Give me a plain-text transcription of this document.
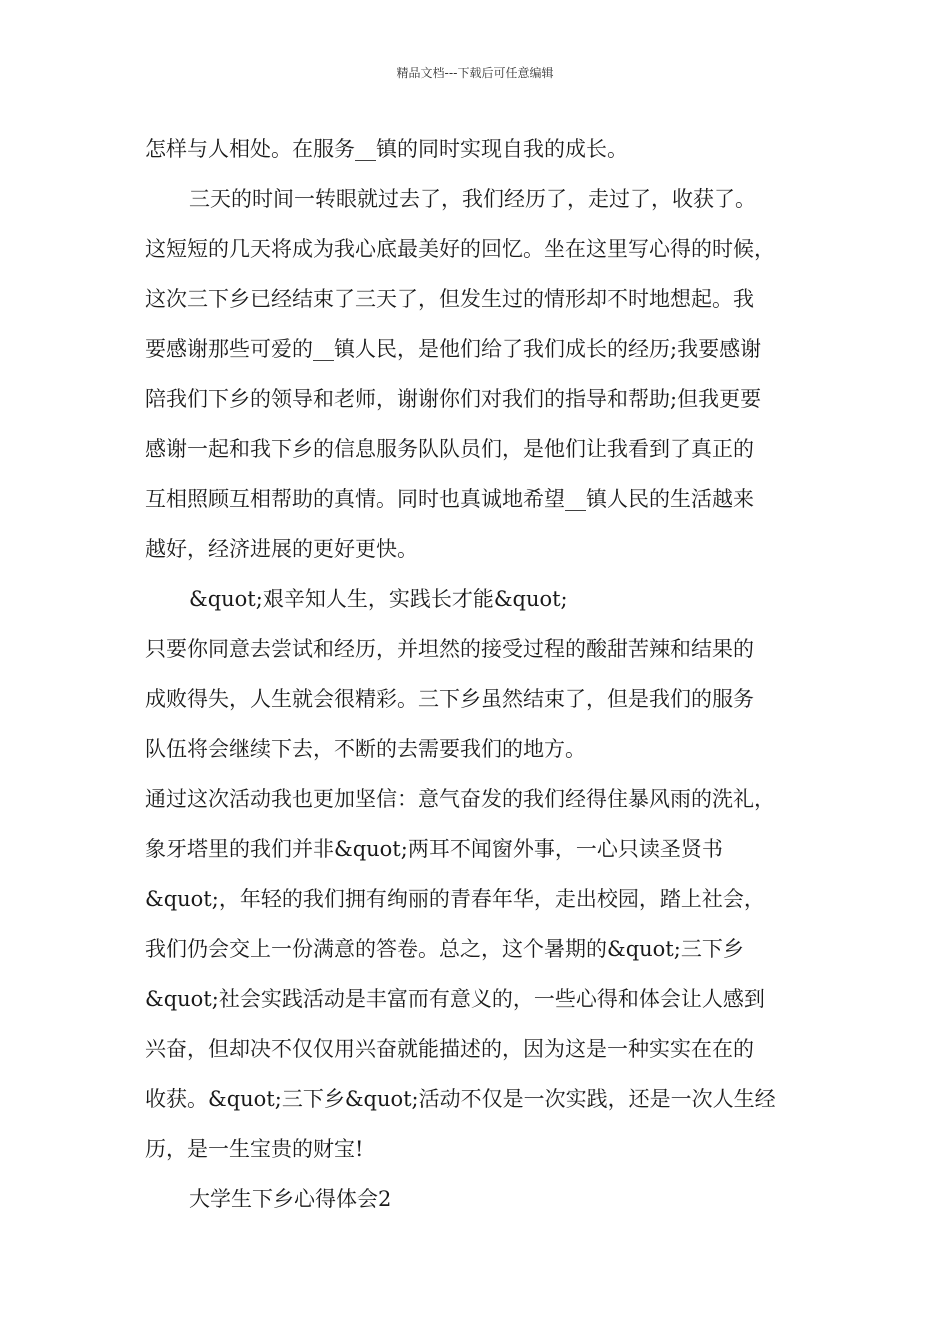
精品文档---下载后可任意编辑
怎样与人相处。在服务__镇的同时实现自我的成长。
三天的时间一转眼就过去了，我们经历了，走过了，收获了。
这短短的几天将成为我心底最美好的回忆。坐在这里写心得的时候，
这次三下乡已经结束了三天了，但发生过的情形却不时地想起。我
要感谢那些可爱的__镇人民，是他们给了我们成长的经历;我要感谢
陪我们下乡的领导和老师，谢谢你们对我们的指导和帮助;但我更要
感谢一起和我下乡的信息服务队队员们，是他们让我看到了真正的
互相照顾互相帮助的真情。同时也真诚地希望__镇人民的生活越来
越好，经济进展的更好更快。
&quot;艰辛知人生，实践长才能&quot;
只要你同意去尝试和经历，并坦然的接受过程的酸甜苦辣和结果的
成败得失，人生就会很精彩。三下乡虽然结束了，但是我们的服务
队伍将会继续下去，不断的去需要我们的地方。
通过这次活动我也更加坚信：意气奋发的我们经得住暴风雨的洗礼，
象牙塔里的我们并非&quot;两耳不闻窗外事，一心只读圣贤书
&quot;，年轻的我们拥有绚丽的青春年华，走出校园，踏上社会，
我们仍会交上一份满意的答卷。总之，这个暑期的&quot;三下乡
&quot;社会实践活动是丰富而有意义的，一些心得和体会让人感到
兴奋，但却决不仅仅用兴奋就能描述的，因为这是一种实实在在的
收获。&quot;三下乡&quot;活动不仅是一次实践，还是一次人生经
历，是一生宝贵的财宝!
大学生下乡心得体会2
